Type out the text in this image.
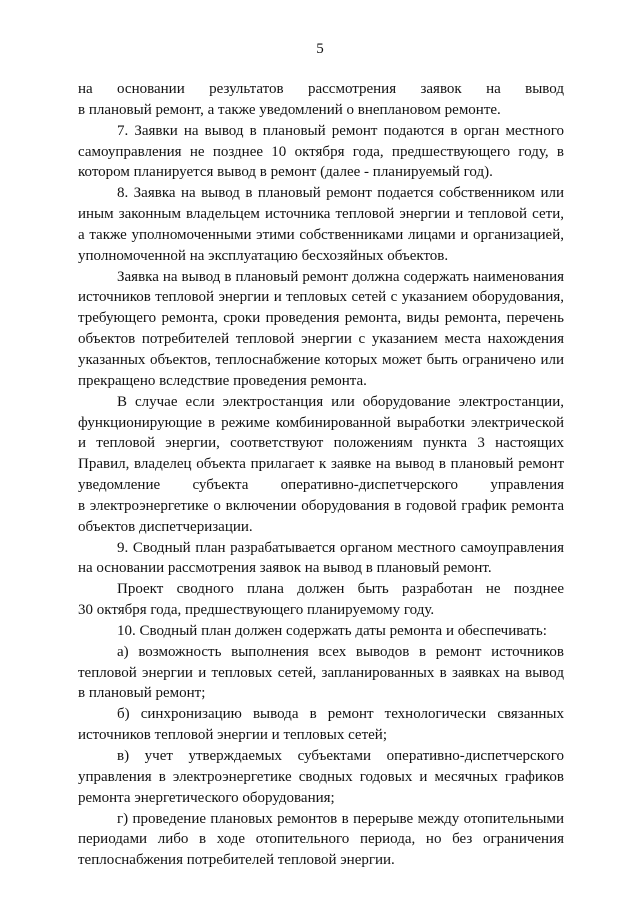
5

на основании результатов рассмотрения заявок на вывод
в плановый ремонт, а также уведомлений о внеплановом ремонте.

7. Заявки на вывод в плановый ремонт подаются в орган местного
самоуправления не позднее 10 октября года, предшествующего году, в
котором планируется вывод в ремонт (далее - планируемый год).

8. Заявка на вывод в плановый ремонт подается собственником или
иным законным владельцем источника тепловой энергии и тепловой сети,
а также уполномоченными этими собственниками лицами и организацией,
уполномоченной на эксплуатацию бесхозяйных объектов.

Заявка на вывод в плановый ремонт должна содержать наименования
источников тепловой энергии и тепловых сетей с указанием оборудования,
требующего ремонта, сроки проведения ремонта, виды ремонта, перечень
объектов потребителей тепловой энергии с указанием места нахождения
указанных объектов, теплоснабжение которых может быть ограничено или
прекращено вследствие проведения ремонта.

В случае если электростанция или оборудование электростанции,
функционирующие в режиме комбинированной выработки электрической
и тепловой энергии, соответствуют положениям пункта 3 настоящих
Правил, владелец объекта прилагает к заявке на вывод в плановый ремонт
уведомление субъекта оперативно-диспетчерского управления
в электроэнергетике о включении оборудования в годовой график ремонта
объектов диспетчеризации.

9. Сводный план разрабатывается органом местного самоуправления
на основании рассмотрения заявок на вывод в плановый ремонт.

Проект сводного плана должен быть разработан не позднее
30 октября года, предшествующего планируемому году.

10. Сводный план должен содержать даты ремонта и обеспечивать:

а) возможность выполнения всех выводов в ремонт источников
тепловой энергии и тепловых сетей, запланированных в заявках на вывод
в плановый ремонт;

б) синхронизацию вывода в ремонт технологически связанных
источников тепловой энергии и тепловых сетей;

в) учет утверждаемых субъектами оперативно-диспетчерского
управления в электроэнергетике сводных годовых и месячных графиков
ремонта энергетического оборудования;

г) проведение плановых ремонтов в перерыве между отопительными
периодами либо в ходе отопительного периода, но без ограничения
теплоснабжения потребителей тепловой энергии.
